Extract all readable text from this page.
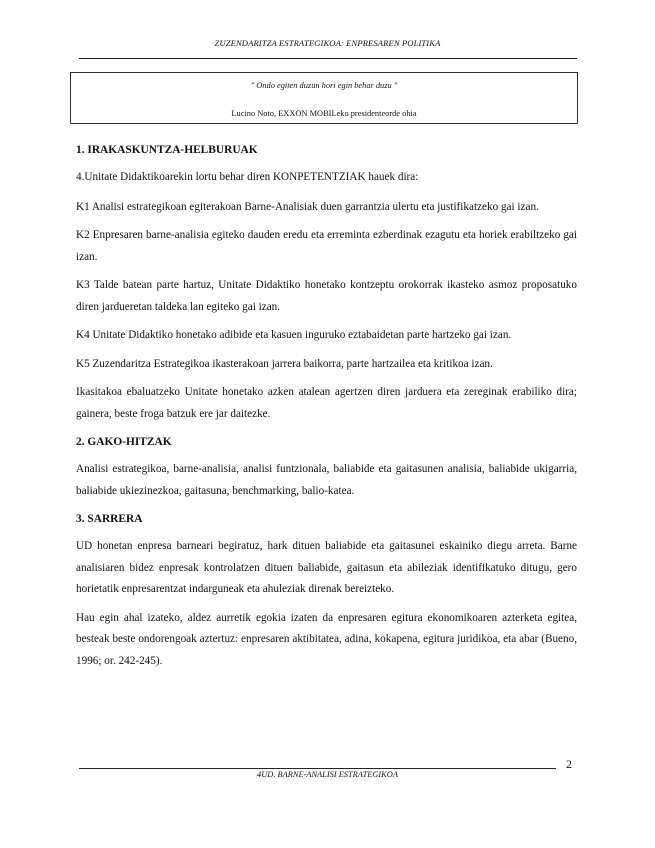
ZUZENDARITZA ESTRATEGIKOA: ENPRESAREN POLITIKA
" Ondo egiten duzun hori egin behar duzu "
Lucino Noto, EXXON MOBILeko presidenteorde ohia
1. IRAKASKUNTZA-HELBURUAK

4.Unitate Didaktikoarekin lortu behar diren KONPETENTZIAK hauek dira:

K1 Analisi estrategikoan egiterakoan Barne-Analisiak duen garrantzia ulertu eta justifikatzeko gai izan.

K2 Enpresaren barne-analisia egiteko dauden eredu eta erreminta ezberdinak ezagutu eta horiek erabiltzeko gai izan.

K3 Talde batean parte hartuz, Unitate Didaktiko honetako kontzeptu orokorrak ikasteko asmoz proposatuko diren jardueretan taldeka lan egiteko gai izan.

K4 Unitate Didaktiko honetako adibide eta kasuen inguruko eztabaidetan parte hartzeko gai izan.

K5 Zuzendaritza Estrategikoa ikasterakoan jarrera baikorra, parte hartzailea eta kritikoa izan.

Ikasitakoa ebaluatzeko Unitate honetako azken atalean agertzen diren jarduera eta zereginak erabiliko dira; gainera, beste froga batzuk ere jar daitezke.

2. GAKO-HITZAK

Analisi estrategikoa, barne-analisia, analisi funtzionala, baliabide eta gaitasunen analisia, baliabide ukigarria, baliabide ukiezinezkoa, gaitasuna, benchmarking, balio-katea.

3. SARRERA

UD honetan enpresa barneari begiratuz, hark dituen baliabide eta gaitasunei eskainiko diegu arreta. Barne analisiaren bidez enpresak kontrolatzen dituen baliabide, gaitasun eta abileziak identifikatuko ditugu, gero horietatik enpresarentzat indarguneak eta ahuleziak direnak bereizteko.

Hau egin ahal izateko, aldez aurretik egokia izaten da enpresaren egitura ekonomikoaren azterketa egitea, besteak beste ondorengoak aztertuz: enpresaren aktibitatea, adina, kokapena, egitura juridikoa, eta abar (Bueno, 1996; or. 242-245).

4UD. BARNE-ANALISI ESTRATEGIKOA
2
